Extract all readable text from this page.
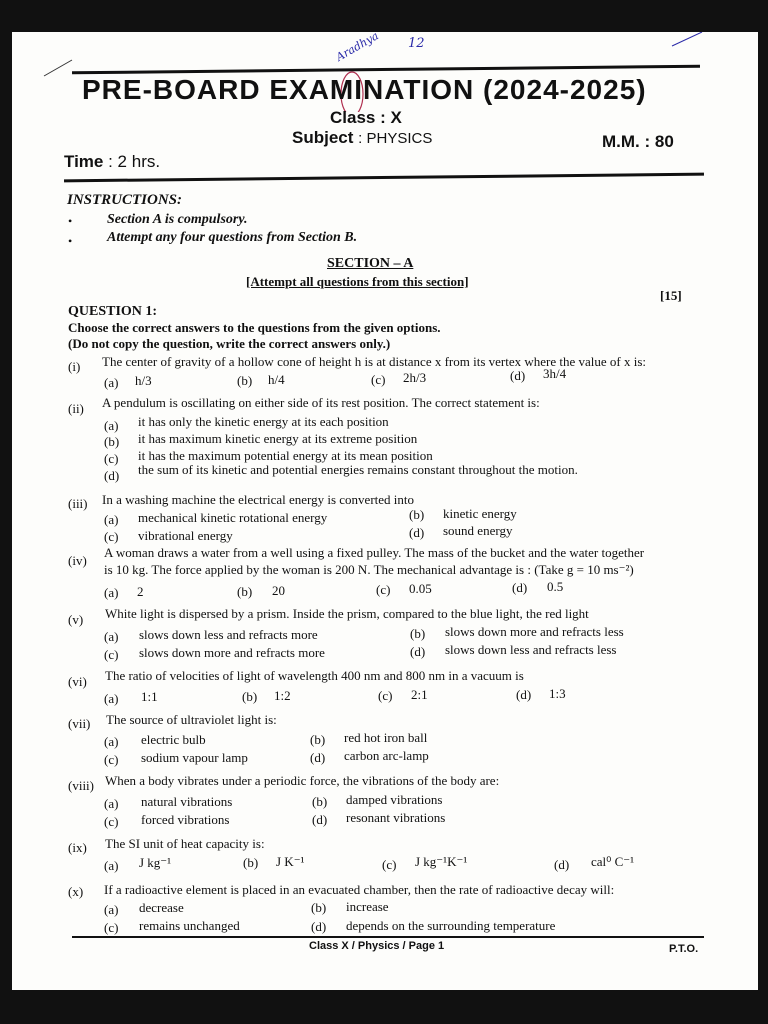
Aradhya 12
PRE-BOARD EXAMINATION (2024-2025)
Class : X
Subject : PHYSICS	M.M. : 80
Time : 2 hrs.
INSTRUCTIONS:
• Section A is compulsory.
• Attempt any four questions from Section B.
SECTION – A
[Attempt all questions from this section]
[15]
QUESTION 1:
Choose the correct answers to the questions from the given options.
(Do not copy the question, write the correct answers only.)
(i) The center of gravity of a hollow cone of height h is at distance x from its vertex where the value of x is:
(a) h/3	(b) h/4	(c) 2h/3	(d) 3h/4
(ii) A pendulum is oscillating on either side of its rest position. The correct statement is:
(a) it has only the kinetic energy at its each position
(b) it has maximum kinetic energy at its extreme position
(c) it has the maximum potential energy at its mean position
(d) the sum of its kinetic and potential energies remains constant throughout the motion.
(iii) In a washing machine the electrical energy is converted into
(a) mechanical kinetic rotational energy	(b) kinetic energy
(c) vibrational energy	(d) sound energy
(iv)
A woman draws a water from a well using a fixed pulley. The mass of the bucket and the water together
is 10 kg. The force applied by the woman is 200 N. The mechanical advantage is : (Take g = 10 ms⁻²)
(a) 2	(b) 20	(c) 0.05	(d) 0.5
(v) White light is dispersed by a prism. Inside the prism, compared to the blue light, the red light
(a) slows down less and refracts more	(b) slows down more and refracts less
(c) slows down more and refracts more	(d) slows down less and refracts less
(vi) The ratio of velocities of light of wavelength 400 nm and 800 nm in a vacuum is
(a) 1:1	(b) 1:2	(c) 2:1	(d) 1:3
(vii) The source of ultraviolet light is:
(a) electric bulb	(b) red hot iron ball
(c) sodium vapour lamp	(d) carbon arc-lamp
(viii) When a body vibrates under a periodic force, the vibrations of the body are:
(a) natural vibrations	(b) damped vibrations
(c) forced vibrations	(d) resonant vibrations
(ix) The SI unit of heat capacity is:
(a) J kg⁻¹	(b) J K⁻¹	(c) J kg⁻¹K⁻¹	(d) cal⁰ C⁻¹
(x) If a radioactive element is placed in an evacuated chamber, then the rate of radioactive decay will:
(a) decrease	(b) increase
(c) remains unchanged	(d) depends on the surrounding temperature
Class X / Physics / Page 1	P.T.O.
